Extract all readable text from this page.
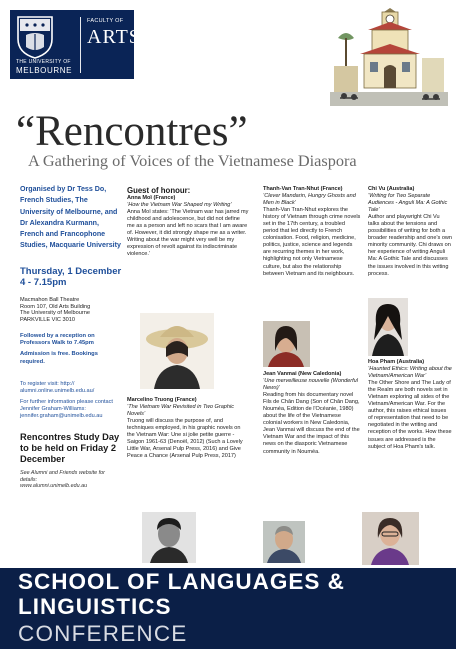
THE UNIVERSITY OF
MELBOURNE
FACULTY OF
ARTS
“Rencontres”
A Gathering of Voices of the Vietnamese Diaspora
Organised by Dr Tess Do, French Studies, The University of Melbourne, and Dr Alexandra Kurmann, French and Francophone Studies, Macquarie University
Thursday, 1 December
4 - 7.15pm
Macmahon Ball Theatre
Room 107, Old Arts Building
The University of Melbourne
PARKVILLE VIC 3010
Followed by a reception on Professors Walk to 7.45pm
Admission is free. Bookings required.
To register visit: http://
alumni.online.unimelb.edu.au/
For further information please contact
Jennifer Graham-Williams:
jennifer.graham@unimelb.edu.au
Rencontres Study Day to be held on Friday 2 December
See Alumni and Friends website for details:
www.alumni.unimelb.edu.au
Guest of honour:
Anna Moï (France)
‘How the Vietnam War Shaped my Writing’
Anna Moï states: ‘The Vietnam war has jarred my childhood and adolescence, but did not define me as a person and left no scars that I am aware of. However, it did strongly shape me as a writer. Writing about the war might very well be my expression of revolt against its indiscriminate violence.’
Thanh-Van Tran-Nhut (France)
‘Clever Mandarin, Hungry Ghosts and Men in Black’
Thanh-Van Tran-Nhut explores the history of Vietnam through crime novels set in the 17th century, a troubled period that led directly to French colonisation. Food, religion, medicine, politics, justice, science and legends are recurring themes in her work, highlighting not only Vietnamese culture, but also the relationship between Vietnam and its neighbours.
Chi Vu (Australia)
‘Writing for Two Separate Audiences - Anguli Ma: A Gothic Tale’
Author and playwright Chi Vu talks about the tensions and possibilities of writing for both a broader readership and one's own minority community. Chi draws on her experience of writing Anguli Ma: A Gothic Tale and discusses the issues involved in this writing process.
Marcelino Truong (France)
‘The Vietnam War Revisited in Two Graphic Novels’
Truong will discuss the purpose of, and techniques employed, in his graphic novels on the Vietnam War: Une si jolie petite guerre - Saigon 1961-63 (Denoël, 2012) (Such a Lovely Little War, Arsenal Pulp Press, 2016) and Give Peace a Chance (Arsenal Pulp Press, 2017)
Jean Vanmai (New Caledonia)
‘Une merveilleuse nouvelle (Wonderful News)’
Reading from his documentary novel Fils de Chân Dang (Son of Chân Dang, Nouméa, Edition de l'Océanie, 1980) about the life of the Vietnamese colonial workers in New Caledonia, Jean Vanmai will discuss the end of the Vietnam War and the impact of this news on the diasporic Vietnamese community in Nouméa.
Hoa Pham (Australia)
‘Haunted Ethics: Writing about the Vietnam/American War’
The Other Shore and The Lady of the Realm are both novels set in Vietnam exploring all sides of the Vietnam/American War. For the author, this raises ethical issues of representation that need to be negotiated in the writing and reception of the works. How these issues are addressed is the subject of Hoa Pham's talk.
SCHOOL OF LANGUAGES &
LINGUISTICS
CONFERENCE
